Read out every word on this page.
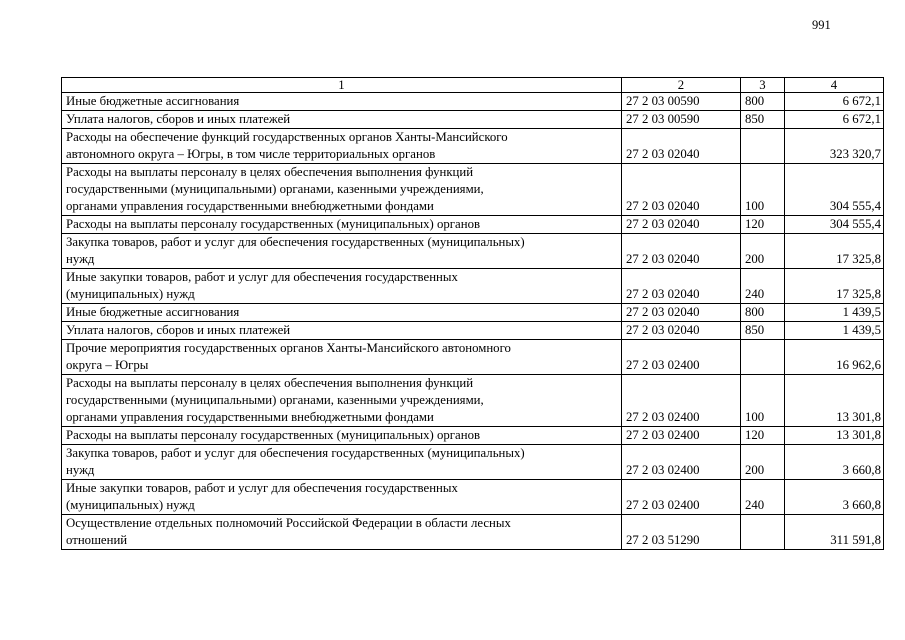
991
1	2	3	4

Иные бюджетные ассигнования	27 2 03 00590	800	6 672,1

Уплата налогов, сборов и иных платежей	27 2 03 00590	850	6 672,1

Расходы на обеспечение функций государственных органов Ханты-Мансийского
автономного округа – Югры, в том числе территориальных органов	27 2 03 02040		323 320,7

Расходы на выплаты персоналу в целях обеспечения выполнения функций
государственными (муниципальными) органами, казенными учреждениями,
органами управления государственными внебюджетными фондами	27 2 03 02040	100	304 555,4

Расходы на выплаты персоналу государственных (муниципальных) органов	27 2 03 02040	120	304 555,4

Закупка товаров, работ и услуг для обеспечения государственных (муниципальных)
нужд	27 2 03 02040	200	17 325,8

Иные закупки товаров, работ и услуг для обеспечения государственных
(муниципальных) нужд	27 2 03 02040	240	17 325,8

Иные бюджетные ассигнования	27 2 03 02040	800	1 439,5

Уплата налогов, сборов и иных платежей	27 2 03 02040	850	1 439,5

Прочие мероприятия государственных органов Ханты-Мансийского автономного
округа – Югры	27 2 03 02400		16 962,6

Расходы на выплаты персоналу в целях обеспечения выполнения функций
государственными (муниципальными) органами, казенными учреждениями,
органами управления государственными внебюджетными фондами	27 2 03 02400	100	13 301,8

Расходы на выплаты персоналу государственных (муниципальных) органов	27 2 03 02400	120	13 301,8

Закупка товаров, работ и услуг для обеспечения государственных (муниципальных)
нужд	27 2 03 02400	200	3 660,8

Иные закупки товаров, работ и услуг для обеспечения государственных
(муниципальных) нужд	27 2 03 02400	240	3 660,8

Осуществление отдельных полномочий Российской Федерации в области лесных
отношений	27 2 03 51290		311 591,8
